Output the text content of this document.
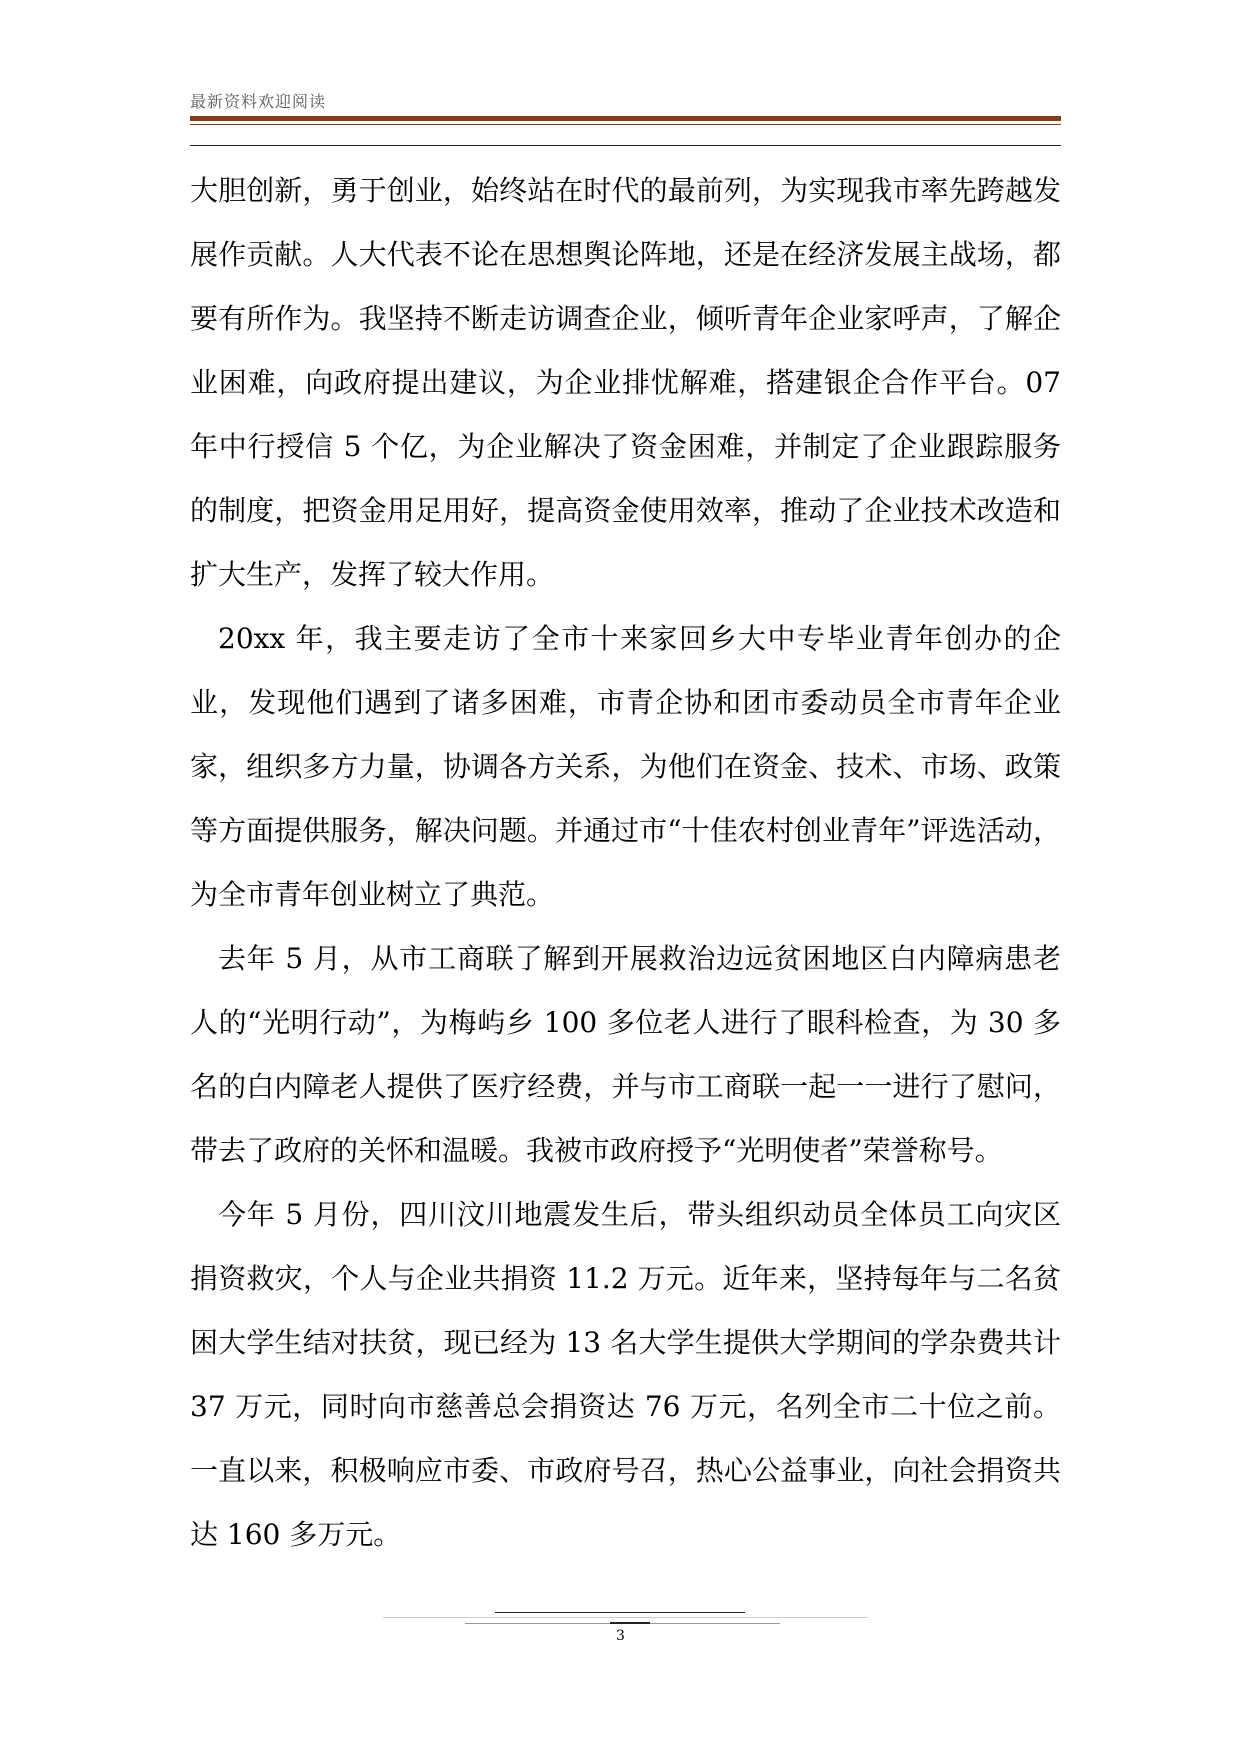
最新资料欢迎阅读

大胆创新，勇于创业，始终站在时代的最前列，为实现我市率先跨越发展作贡献。人大代表不论在思想舆论阵地，还是在经济发展主战场，都要有所作为。我坚持不断走访调查企业，倾听青年企业家呼声，了解企业困难，向政府提出建议，为企业排忧解难，搭建银企合作平台。07 年中行授信 5 个亿，为企业解决了资金困难，并制定了企业跟踪服务的制度，把资金用足用好，提高资金使用效率，推动了企业技术改造和扩大生产，发挥了较大作用。

20xx 年，我主要走访了全市十来家回乡大中专毕业青年创办的企业，发现他们遇到了诸多困难，市青企协和团市委动员全市青年企业家，组织多方力量，协调各方关系，为他们在资金、技术、市场、政策等方面提供服务，解决问题。并通过市“十佳农村创业青年”评选活动，为全市青年创业树立了典范。

去年 5 月，从市工商联了解到开展救治边远贫困地区白内障病患老人的“光明行动”，为梅屿乡 100 多位老人进行了眼科检查，为 30 多名的白内障老人提供了医疗经费，并与市工商联一起一一进行了慰问，带去了政府的关怀和温暖。我被市政府授予“光明使者”荣誉称号。

今年 5 月份，四川汶川地震发生后，带头组织动员全体员工向灾区捐资救灾，个人与企业共捐资 11.2 万元。近年来，坚持每年与二名贫困大学生结对扶贫，现已经为 13 名大学生提供大学期间的学杂费共计 37 万元，同时向市慈善总会捐资达 76 万元，名列全市二十位之前。一直以来，积极响应市委、市政府号召，热心公益事业，向社会捐资共达 160 多万元。

3
